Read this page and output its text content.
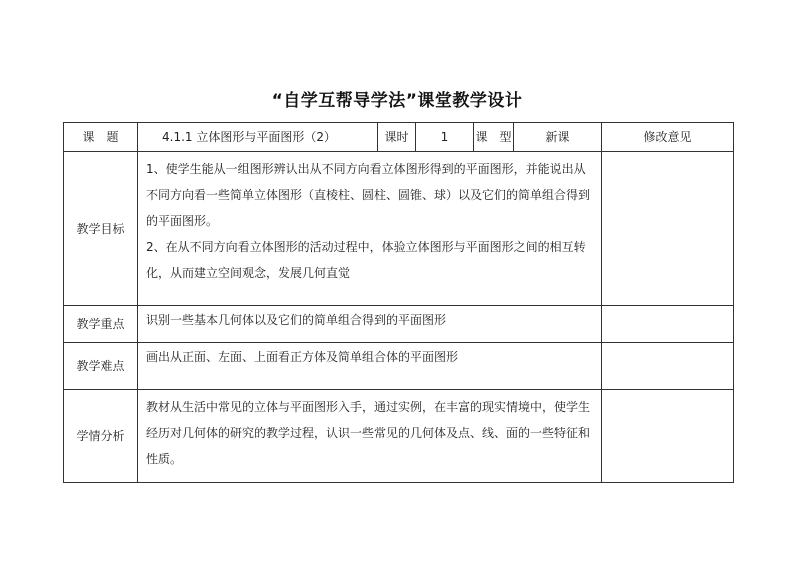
“自学互帮导学法”课堂教学设计
课　题	4.1.1 立体图形与平面图形（2）	课时	1	课　型	新课	修改意见
教学目标	1、使学生能从一组图形辨认出从不同方向看立体图形得到的平面图形，并能说出从不同方向看一些简单立体图形（直棱柱、圆柱、圆锥、球）以及它们的简单组合得到的平面图形。

2、在从不同方向看立体图形的活动过程中，体验立体图形与平面图形之间的相互转化，从而建立空间观念，发展几何直觉					

教学重点	识别一些基本几何体以及它们的简单组合得到的平面图形					
教学难点	画出从正面、左面、上面看正方体及简单组合体的平面图形					
学情分析	教材从生活中常见的立体与平面图形入手，通过实例，在丰富的现实情境中，使学生经历对几何体的研究的教学过程，认识一些常见的几何体及点、线、面的一些特征和性质。					
